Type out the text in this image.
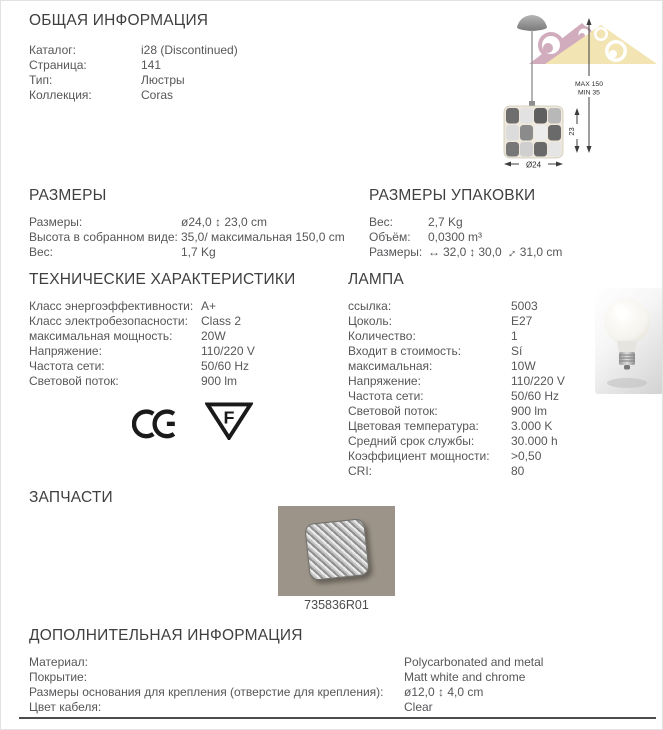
ОБЩАЯ ИНФОРМАЦИЯ
Каталог:	i28 (Discontinued)
Страница:	141
Тип:	Люстры
Коллекция:	Coras
Ø24
MAX 150
MIN 35
23
РАЗМЕРЫ
Размеры:	ø24,0 ↕ 23,0 cm
Высота в собранном виде: 35,0/ максимальная 150,0 cm
Вес:	1,7 Kg
РАЗМЕРЫ УПАКОВКИ
Вес:	2,7 Kg
Объём:	0,0300 m³
Размеры: ↔ 32,0 ↕ 30,0↔31,0 cm
ТЕХНИЧЕСКИЕ ХАРАКТЕРИСТИКИ
Класс энергоэффективности: A+
Класс электробезопасности:	Class 2
максимальная мощность:	20W
Напряжение:	110/220 V
Частота сети:	50/60 Hz
Световой поток:	900 lm
ЛАМПА
ссылка:	5003
Цоколь:	E27
Количество:	1
Входит в стоимость:	Sí
максимальная:	10W
Напряжение:	110/220 V
Частота сети:	50/60 Hz
Световой поток:	900 lm
Цветовая температура:	3.000 K
Средний срок службы:	30.000 h
Коэффициент мощности:	>0,50
CRI:	80
F
ЗАПЧАСТИ
735836R01
ДОПОЛНИТЕЛЬНАЯ ИНФОРМАЦИЯ
Материал:	Polycarbonated and metal
Покрытие:	Matt white and chrome
Размеры основания для крепления (отверстие для крепления):	ø12,0 ↕ 4,0 cm
Цвет кабеля:	Clear
